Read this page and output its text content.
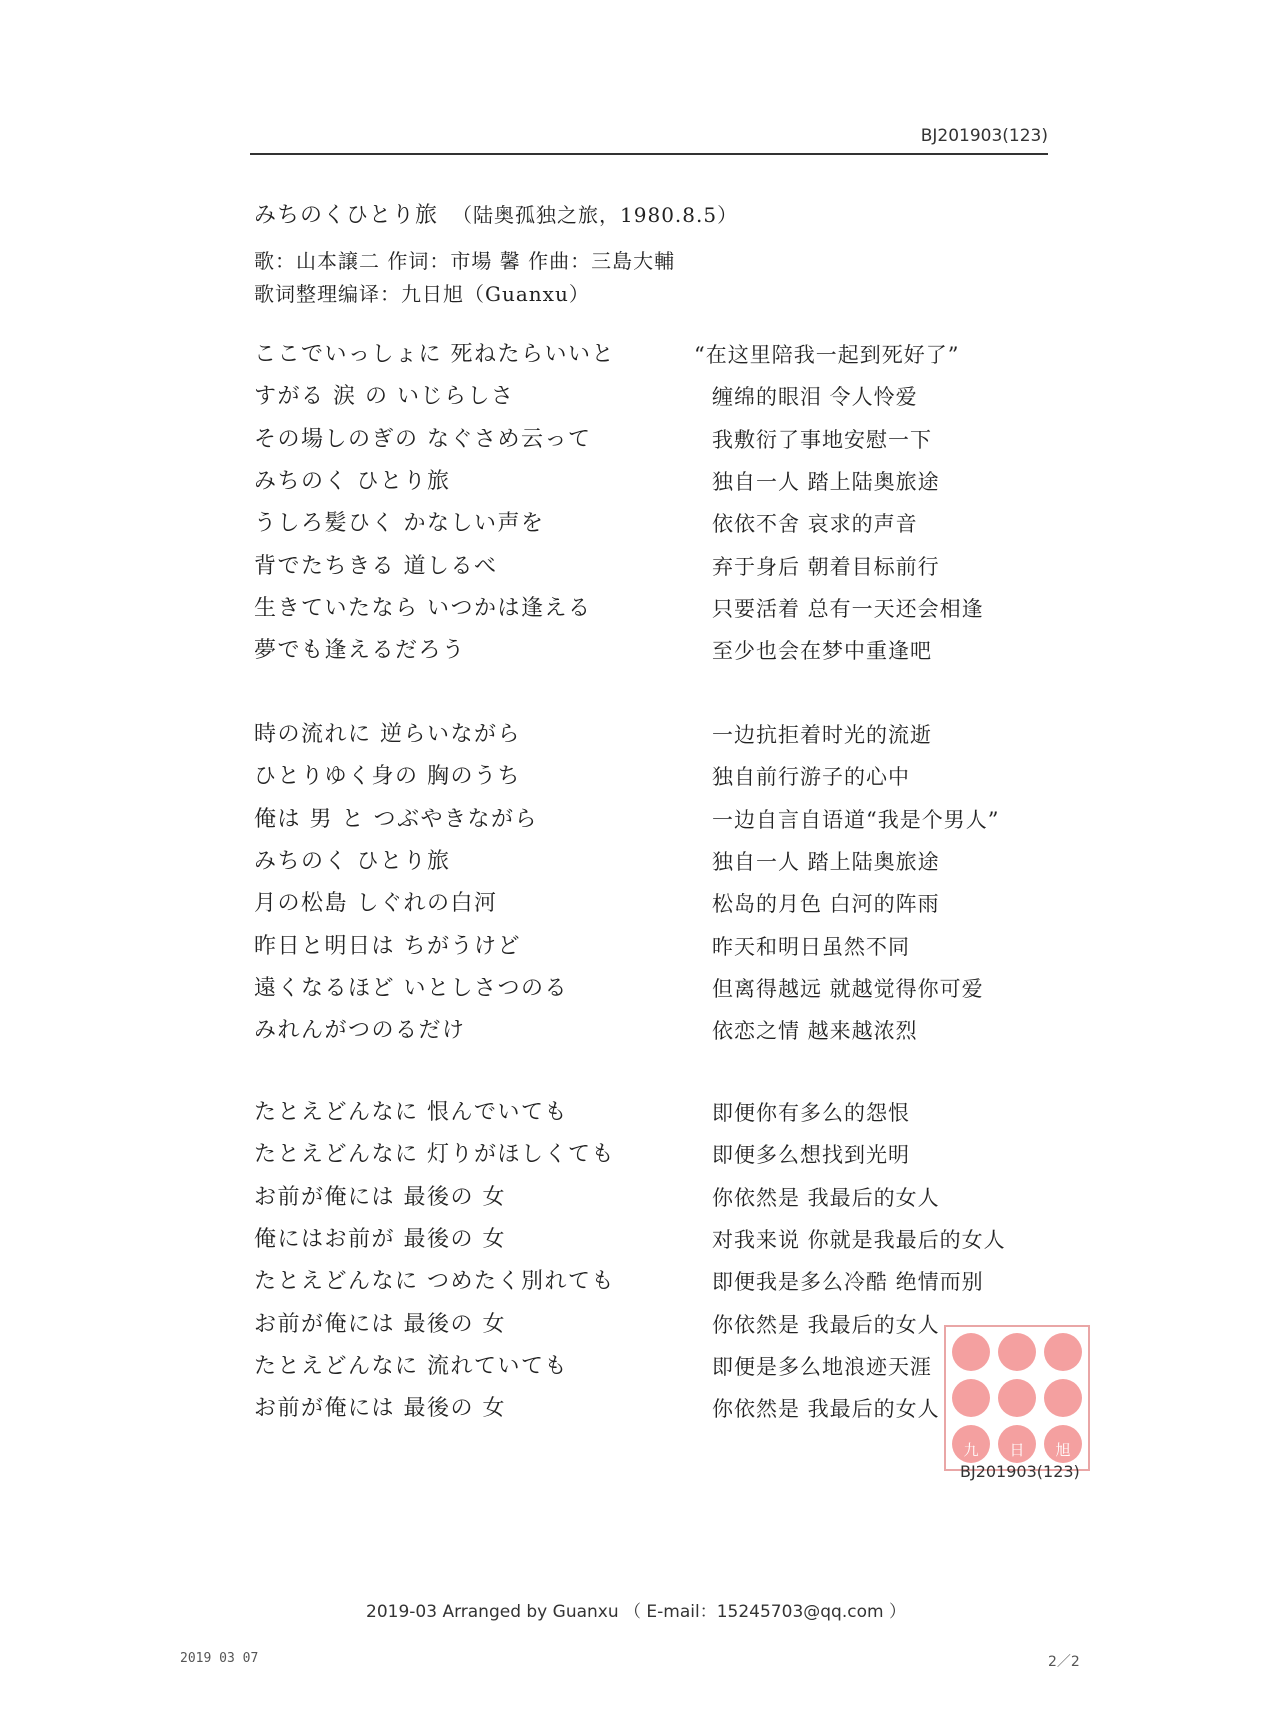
BJ201903(123)
みちのくひとり旅 （陆奥孤独之旅，1980.8.5）
歌：山本譲二 作词：市場 馨 作曲：三島大輔
歌词整理编译：九日旭（Guanxu）
ここでいっしょに 死ねたらいいと	“在这里陪我一起到死好了”
すがる 涙 の いじらしさ	缠绵的眼泪 令人怜爱
その場しのぎの なぐさめ云って	我敷衍了事地安慰一下
みちのく ひとり旅	独自一人 踏上陆奥旅途
うしろ髪ひく かなしい声を	依依不舍 哀求的声音
背でたちきる 道しるべ	弃于身后 朝着目标前行
生きていたなら いつかは逢える	只要活着 总有一天还会相逢
夢でも逢えるだろう	至少也会在梦中重逢吧
時の流れに 逆らいながら	一边抗拒着时光的流逝
ひとりゆく身の 胸のうち	独自前行游子的心中
俺は 男 と つぶやきながら	一边自言自语道“我是个男人”
みちのく ひとり旅	独自一人 踏上陆奥旅途
月の松島 しぐれの白河	松岛的月色 白河的阵雨
昨日と明日は ちがうけど	昨天和明日虽然不同
遠くなるほど いとしさつのる	但离得越远 就越觉得你可爱
みれんがつのるだけ	依恋之情 越来越浓烈
たとえどんなに 恨んでいても	即便你有多么的怨恨
たとえどんなに 灯りがほしくても	即便多么想找到光明
お前が俺には 最後の 女	你依然是 我最后的女人
俺にはお前が 最後の 女	对我来说 你就是我最后的女人
たとえどんなに つめたく別れても	即便我是多么冷酷 绝情而别
お前が俺には 最後の 女	你依然是 我最后的女人
たとえどんなに 流れていても	即便是多么地浪迹天涯
お前が俺には 最後の 女	你依然是 我最后的女人
九	日	旭
BJ201903(123)
2019-03 Arranged by Guanxu （ E-mail：15245703@qq.com ）
2019 03 07	2／2
